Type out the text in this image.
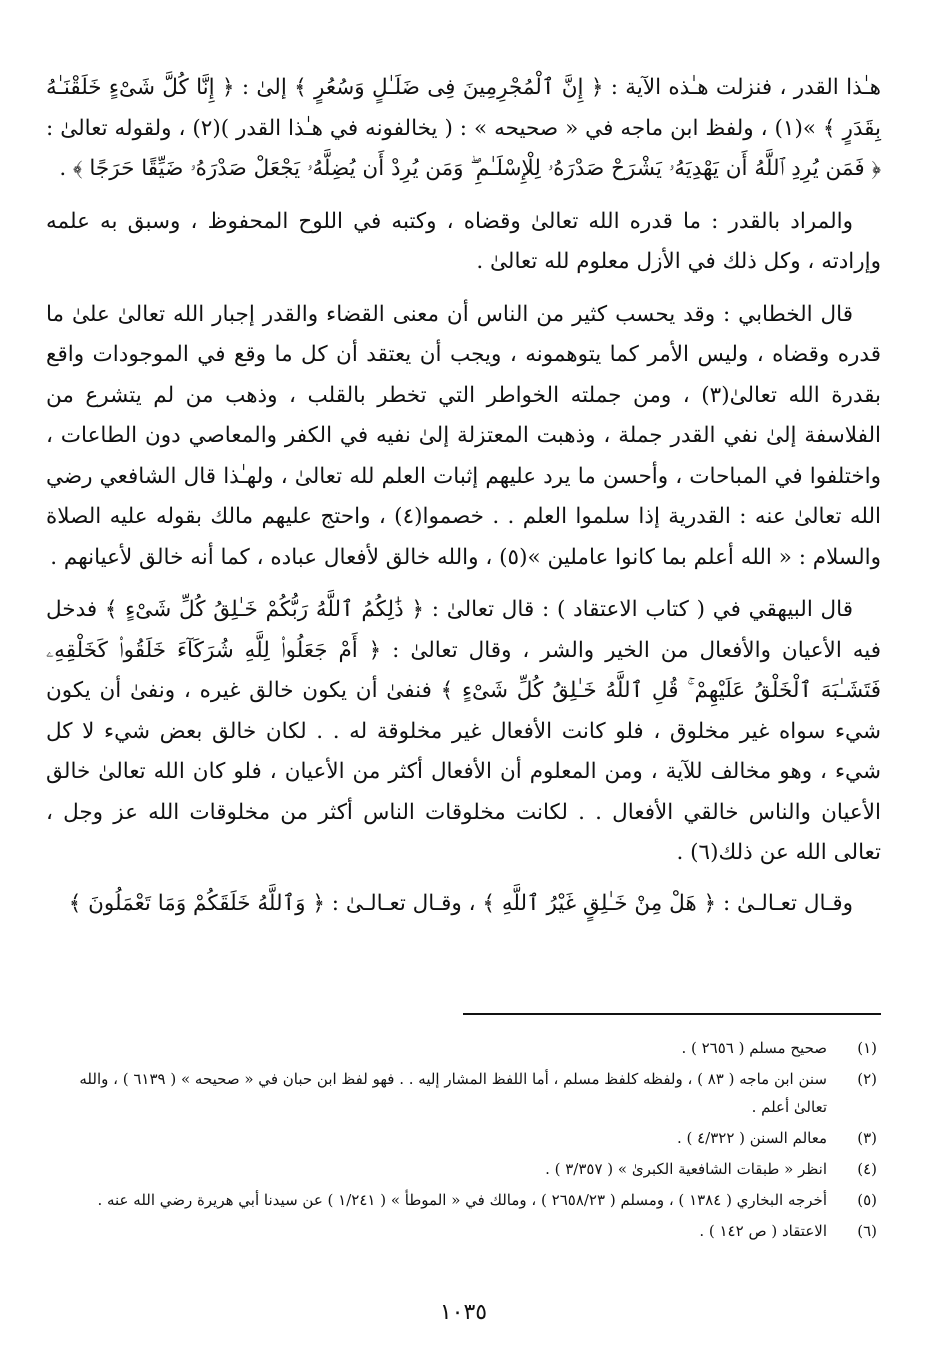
هـٰذا القدر ، فنزلت هـٰذه الآية : ﴿ إِنَّ ٱلْمُجْرِمِينَ فِى ضَلَـٰلٍ وَسُعُرٍ ﴾ إلىٰ : ﴿ إِنَّا كُلَّ شَىْءٍ خَلَقْنَـٰهُ بِقَدَرٍ ﴾ »(١) ، ولفظ ابن ماجه في « صحيحه » : ( يخالفونه في هـٰذا القدر )(٢) ، ولقوله تعالىٰ : ﴿ فَمَن يُرِدِ ٱللَّهُ أَن يَهْدِيَهُۥ يَشْرَحْ صَدْرَهُۥ لِلْإِسْلَـٰمِ ۖ وَمَن يُرِدْ أَن يُضِلَّهُۥ يَجْعَلْ صَدْرَهُۥ ضَيِّقًا حَرَجًا ﴾ .

والمراد بالقدر : ما قدره الله تعالىٰ وقضاه ، وكتبه في اللوح المحفوظ ، وسبق به علمه وإرادته ، وكل ذلك في الأزل معلوم لله تعالىٰ .

قال الخطابي : وقد يحسب كثير من الناس أن معنى القضاء والقدر إجبار الله تعالىٰ علىٰ ما قدره وقضاه ، وليس الأمر كما يتوهمونه ، ويجب أن يعتقد أن كل ما وقع في الموجودات واقع بقدرة الله تعالىٰ(٣) ، ومن جملته الخواطر التي تخطر بالقلب ، وذهب من لم يتشرع من الفلاسفة إلىٰ نفي القدر جملة ، وذهبت المعتزلة إلىٰ نفيه في الكفر والمعاصي دون الطاعات ، واختلفوا في المباحات ، وأحسن ما يرد عليهم إثبات العلم لله تعالىٰ ، ولهـٰذا قال الشافعي رضي الله تعالىٰ عنه : القدرية إذا سلموا العلم . . خصموا(٤) ، واحتج عليهم مالك بقوله عليه الصلاة والسلام : « الله أعلم بما كانوا عاملين »(٥) ، والله خالق لأفعال عباده ، كما أنه خالق لأعيانهم .

قال البيهقي في ( كتاب الاعتقاد ) : قال تعالىٰ : ﴿ ذَٰلِكُمُ ٱللَّهُ رَبُّكُمْ خَـٰلِقُ كُلِّ شَىْءٍ ﴾ فدخل فيه الأعيان والأفعال من الخير والشر ، وقال تعالىٰ : ﴿ أَمْ جَعَلُوا۟ لِلَّهِ شُرَكَآءَ خَلَقُوا۟ كَخَلْقِهِۦ فَتَشَـٰبَهَ ٱلْخَلْقُ عَلَيْهِمْ ۚ قُلِ ٱللَّهُ خَـٰلِقُ كُلِّ شَىْءٍ ﴾ فنفىٰ أن يكون خالق غيره ، ونفىٰ أن يكون شيء سواه غير مخلوق ، فلو كانت الأفعال غير مخلوقة له . . لكان خالق بعض شيء لا كل شيء ، وهو مخالف للآية ، ومن المعلوم أن الأفعال أكثر من الأعيان ، فلو كان الله تعالىٰ خالق الأعيان والناس خالقي الأفعال . . لكانت مخلوقات الناس أكثر من مخلوقات الله عز وجل ، تعالى الله عن ذلك(٦) .

وقـال تعـالـىٰ : ﴿ هَلْ مِنْ خَـٰلِقٍ غَيْرُ ٱللَّهِ ﴾ ، وقـال تعـالـىٰ : ﴿ وَٱللَّهُ خَلَقَكُمْ وَمَا تَعْمَلُونَ ﴾

(١)
صحيح مسلم ( ٢٦٥٦ ) .
(٢)
سنن ابن ماجه ( ٨٣ ) ، ولفظه كلفظ مسلم ، أما اللفظ المشار إليه . . فهو لفظ ابن حبان في « صحيحه » ( ٦١٣٩ ) ، والله تعالىٰ أعلم .
(٣)
معالم السنن ( ٤/٣٢٢ ) .
(٤)
انظر « طبقات الشافعية الكبرىٰ » ( ٣/٣٥٧ ) .
(٥)
أخرجه البخاري ( ١٣٨٤ ) ، ومسلم ( ٢٦٥٨/٢٣ ) ، ومالك في « الموطأ » ( ١/٢٤١ ) عن سيدنا أبي هريرة رضي الله عنه .
(٦)
الاعتقاد ( ص ١٤٢ ) .
١٠٣٥
